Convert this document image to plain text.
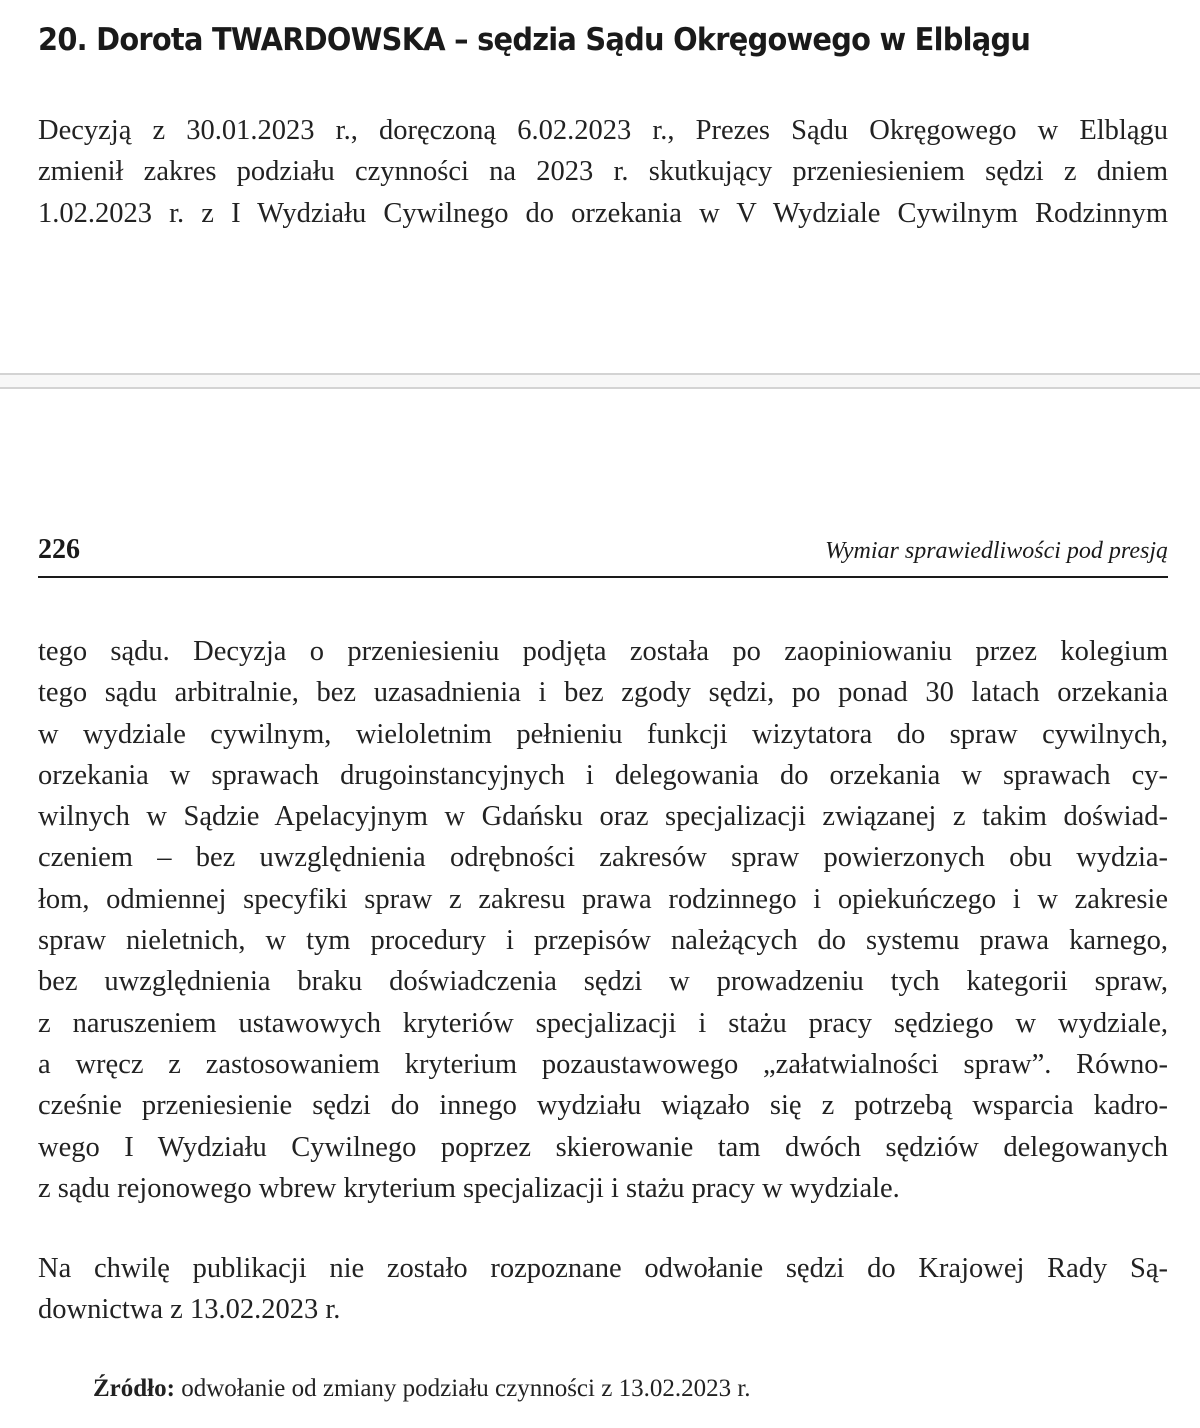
20. Dorota TWARDOWSKA – sędzia Sądu Okręgowego w Elblągu
Decyzją z 30.01.2023 r., doręczoną 6.02.2023 r., Prezes Sądu Okręgowego w Elblągu
zmienił zakres podziału czynności na 2023 r. skutkujący przeniesieniem sędzi z dniem
1.02.2023 r. z I Wydziału Cywilnego do orzekania w V Wydziale Cywilnym Rodzinnym
226	Wymiar sprawiedliwości pod presją
tego sądu. Decyzja o przeniesieniu podjęta została po zaopiniowaniu przez kolegium
tego sądu arbitralnie, bez uzasadnienia i bez zgody sędzi, po ponad 30 latach orzekania
w wydziale cywilnym, wieloletnim pełnieniu funkcji wizytatora do spraw cywilnych,
orzekania w sprawach drugoinstancyjnych i delegowania do orzekania w sprawach cy-
wilnych w Sądzie Apelacyjnym w Gdańsku oraz specjalizacji związanej z takim doświad-
czeniem – bez uwzględnienia odrębności zakresów spraw powierzonych obu wydzia-
łom, odmiennej specyfiki spraw z zakresu prawa rodzinnego i opiekuńczego i w zakresie
spraw nieletnich, w tym procedury i przepisów należących do systemu prawa karnego,
bez uwzględnienia braku doświadczenia sędzi w prowadzeniu tych kategorii spraw,
z naruszeniem ustawowych kryteriów specjalizacji i stażu pracy sędziego w wydziale,
a wręcz z zastosowaniem kryterium pozaustawowego „załatwialności spraw”. Równo-
cześnie przeniesienie sędzi do innego wydziału wiązało się z potrzebą wsparcia kadro-
wego I Wydziału Cywilnego poprzez skierowanie tam dwóch sędziów delegowanych
z sądu rejonowego wbrew kryterium specjalizacji i stażu pracy w wydziale.
Na chwilę publikacji nie zostało rozpoznane odwołanie sędzi do Krajowej Rady Są-
downictwa z 13.02.2023 r.
Źródło: odwołanie od zmiany podziału czynności z 13.02.2023 r.
